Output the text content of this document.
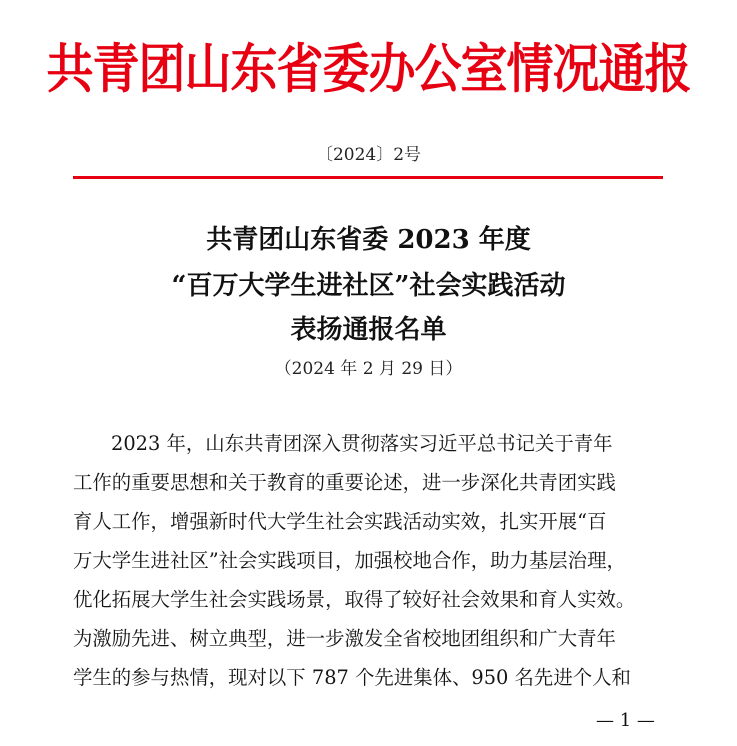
共青团山东省委办公室情况通报
〔2024〕2号
共青团山东省委 2023 年度
“百万大学生进社区”社会实践活动
表扬通报名单
（2024 年 2 月 29 日）
2023 年，山东共青团深入贯彻落实习近平总书记关于青年
工作的重要思想和关于教育的重要论述，进一步深化共青团实践
育人工作，增强新时代大学生社会实践活动实效，扎实开展“百
万大学生进社区”社会实践项目，加强校地合作，助力基层治理，
优化拓展大学生社会实践场景，取得了较好社会效果和育人实效。
为激励先进、树立典型，进一步激发全省校地团组织和广大青年
学生的参与热情，现对以下 787 个先进集体、950 名先进个人和
— 1 —
